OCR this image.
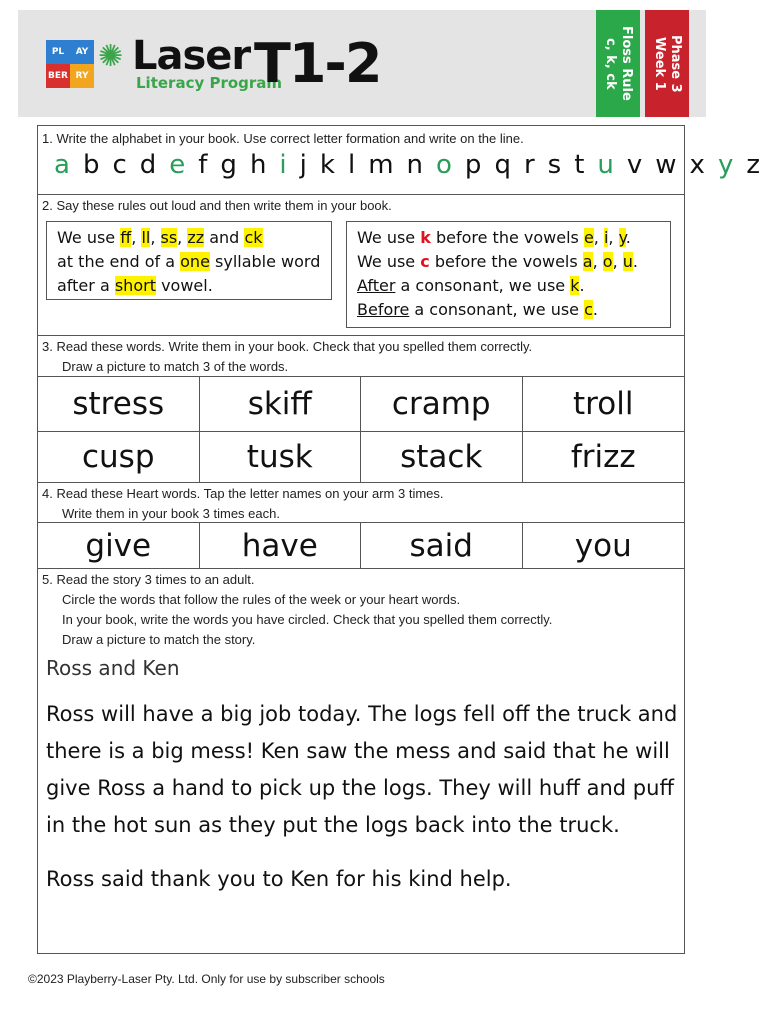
PL	AY
BER RY
✺ Laser
Literacy Program
T1-2	Floss Rule
c, k, ck
Phase 3
Week 1
1. Write the alphabet in your book. Use correct letter formation and write on the line.
a b c d e f g h i j k l m n o p q r s t u v w x y z
2. Say these rules out loud and then write them in your book.
We use ff, ll, ss, zz and ck
at the end of a one syllable word
after a short vowel.
We use k before the vowels e, i, y.
We use c before the vowels a, o, u.
After a consonant, we use k.
Before a consonant, we use c.
3. Read these words. Write them in your book. Check that you spelled them correctly.
Draw a picture to match 3 of the words.
stress	skiff	cramp	troll
cusp	tusk	stack	frizz
4. Read these Heart words. Tap the letter names on your arm 3 times.
Write them in your book 3 times each.
give	have	said	you
5. Read the story 3 times to an adult.
Circle the words that follow the rules of the week or your heart words.
In your book, write the words you have circled. Check that you spelled them correctly.
Draw a picture to match the story.
Ross and Ken
Ross will have a big job today. The logs fell off the truck and there is a big mess! Ken saw the mess and said that he will give Ross a hand to pick up the logs. They will huff and puff in the hot sun as they put the logs back into the truck.
Ross said thank you to Ken for his kind help.
©2023 Playberry-Laser Pty. Ltd. Only for use by subscriber schools
